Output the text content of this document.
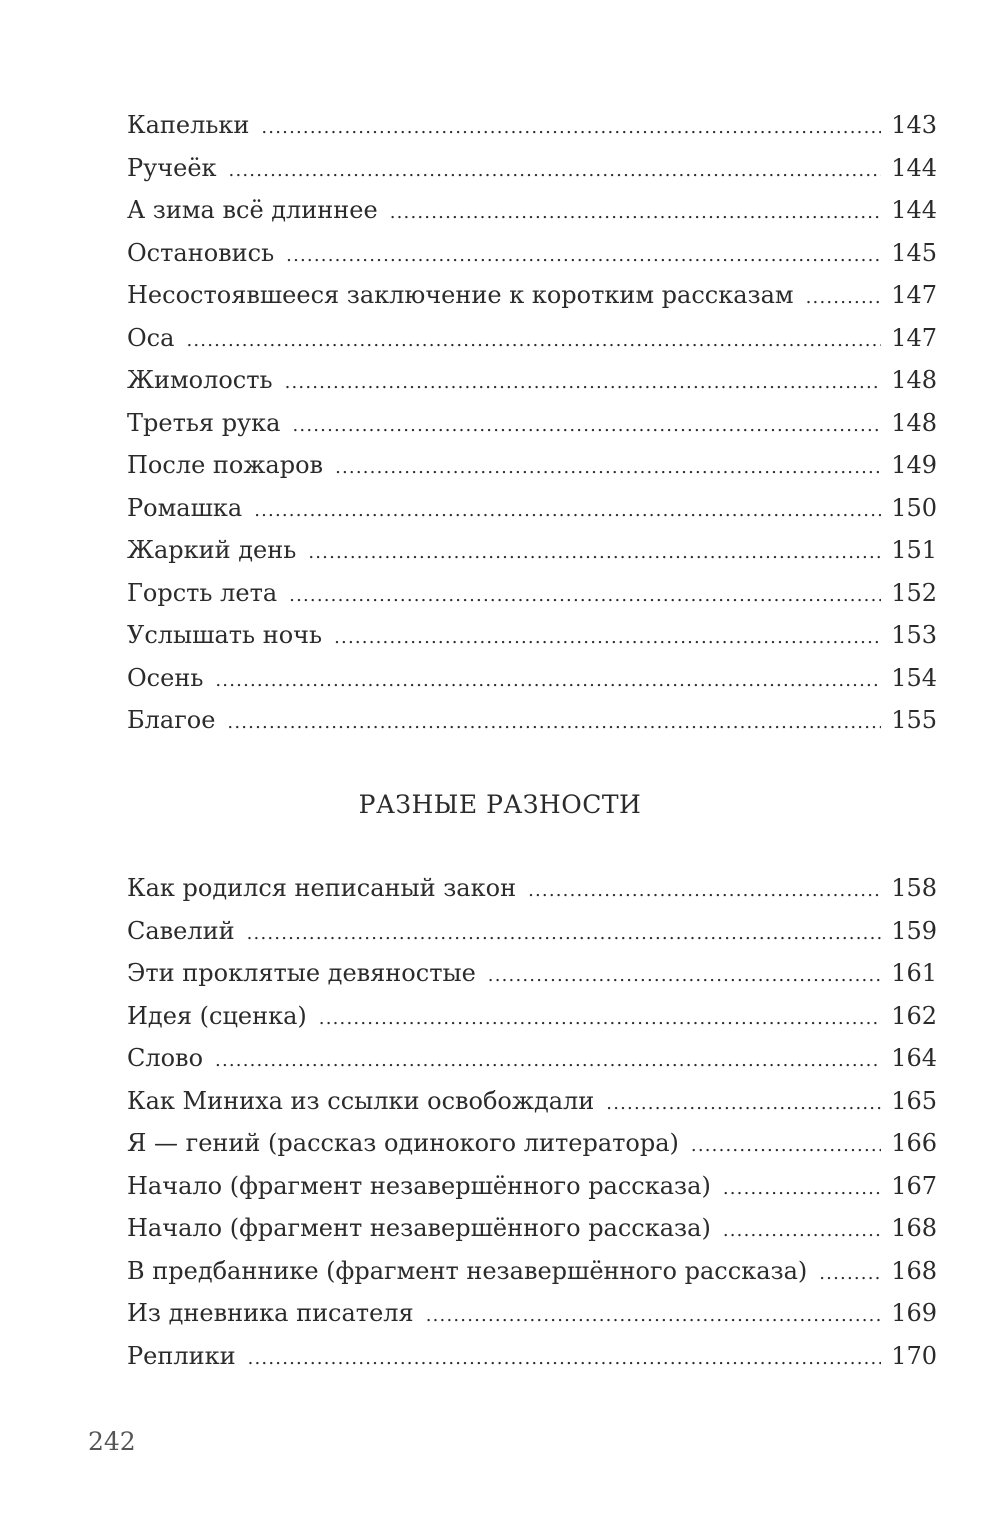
Капельки .....	143
Ручеёк .....	144
А зима всё длиннее .....	144
Остановись .....	145
Несостоявшееся заключение к коротким рассказам .....	147
Оса .....	147
Жимолость .....	148
Третья рука .....	148
После пожаров .....	149
Ромашка .....	150
Жаркий день .....	151
Горсть лета .....	152
Услышать ночь .....	153
Осень .....	154
Благое .....	155
РАЗНЫЕ РАЗНОСТИ
Как родился неписаный закон .....	158
Савелий .....	159
Эти проклятые девяностые .....	161
Идея (сценка) .....	162
Слово .....	164
Как Миниха из ссылки освобождали .....	165
Я — гений (рассказ одинокого литератора) .....	166
Начало (фрагмент незавершённого рассказа) .....	167
Начало (фрагмент незавершённого рассказа) .....	168
В предбаннике (фрагмент незавершённого рассказа) .....	168
Из дневника писателя .....	169
Реплики .....	170
242
